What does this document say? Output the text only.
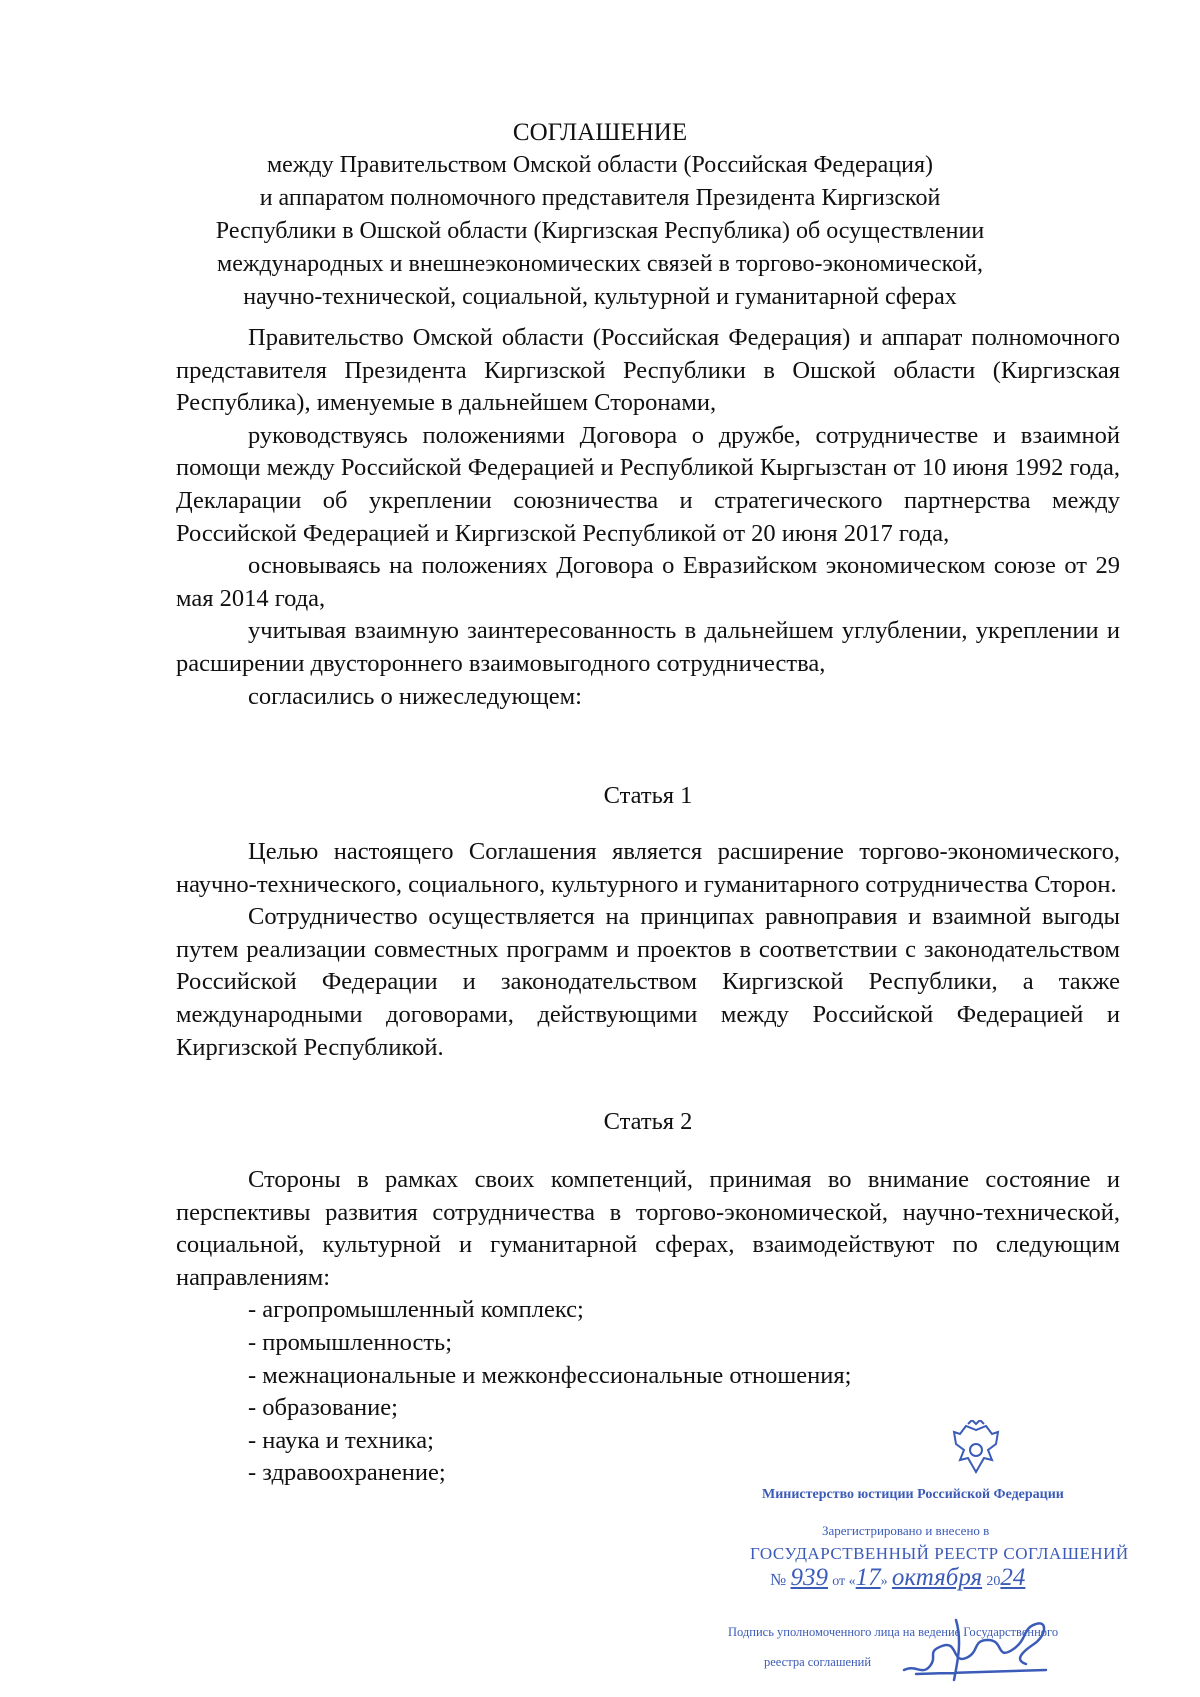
СОГЛАШЕНИЕ
между Правительством Омской области (Российская Федерация)
и аппаратом полномочного представителя Президента Киргизской
Республики в Ошской области (Киргизская Республика) об осуществлении
международных и внешнеэкономических связей в торгово-экономической,
научно-технической, социальной, культурной и гуманитарной сферах

Правительство Омской области (Российская Федерация) и аппарат полномочного представителя Президента Киргизской Республики в Ошской области (Киргизская Республика), именуемые в дальнейшем Сторонами,

руководствуясь положениями Договора о дружбе, сотрудничестве и взаимной помощи между Российской Федерацией и Республикой Кыргызстан от 10 июня 1992 года, Декларации об укреплении союзничества и стратегического партнерства между Российской Федерацией и Киргизской Республикой от 20 июня 2017 года,

основываясь на положениях Договора о Евразийском экономическом союзе от 29 мая 2014 года,

учитывая взаимную заинтересованность в дальнейшем углублении, укреплении и расширении двустороннего взаимовыгодного сотрудничества,

согласились о нижеследующем:

Статья 1

Целью настоящего Соглашения является расширение торгово-экономического, научно-технического, социального, культурного и гуманитарного сотрудничества Сторон.

Сотрудничество осуществляется на принципах равноправия и взаимной выгоды путем реализации совместных программ и проектов в соответствии с законодательством Российской Федерации и законодательством Киргизской Республики, а также международными договорами, действующими между Российской Федерацией и Киргизской Республикой.

Статья 2

Стороны в рамках своих компетенций, принимая во внимание состояние и перспективы развития сотрудничества в торгово-экономической, научно-технической, социальной, культурной и гуманитарной сферах, взаимодействуют по следующим направлениям:

- агропромышленный комплекс;

- промышленность;

- межнациональные и межконфессиональные отношения;

- образование;

- наука и техника;

- здравоохранение;

Министерство юстиции Российской Федерации
Зарегистрировано и внесено в
ГОСУДАРСТВЕННЫЙ РЕЕСТР СОГЛАШЕНИЙ
№ 939 от «17» октября 2024
Подпись уполномоченного лица на ведение Государственного
реестра соглашений
